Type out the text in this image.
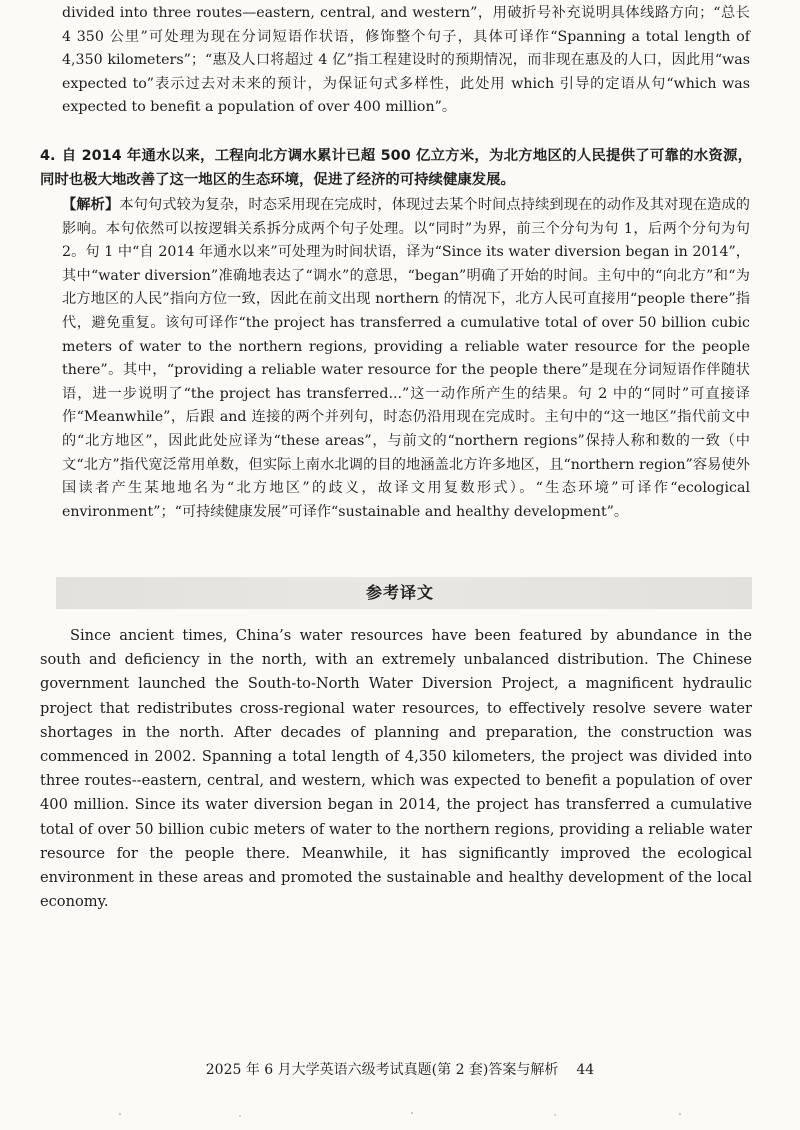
divided into three routes—eastern, central, and western”，用破折号补充说明具体线路方向；“总长 4 350 公里”可处理为现在分词短语作状语，修饰整个句子，具体可译作“Spanning a total length of 4,350 kilometers”；“惠及人口将超过 4 亿”指工程建设时的预期情况，而非现在惠及的人口，因此用“was expected to”表示过去对未来的预计，为保证句式多样性，此处用 which 引导的定语从句“which was expected to benefit a population of over 400 million”。

4. 自 2014 年通水以来，工程向北方调水累计已超 500 亿立方米，为北方地区的人民提供了可靠的水资源，同时也极大地改善了这一地区的生态环境，促进了经济的可持续健康发展。

【解析】本句句式较为复杂，时态采用现在完成时，体现过去某个时间点持续到现在的动作及其对现在造成的影响。本句依然可以按逻辑关系拆分成两个句子处理。以“同时”为界，前三个分句为句 1，后两个分句为句 2。句 1 中“自 2014 年通水以来”可处理为时间状语，译为“Since its water diversion began in 2014”，其中“water diversion”准确地表达了“调水”的意思，“began”明确了开始的时间。主句中的“向北方”和“为北方地区的人民”指向方位一致，因此在前文出现 northern 的情况下，北方人民可直接用“people there”指代，避免重复。该句可译作“the project has transferred a cumulative total of over 50 billion cubic meters of water to the northern regions, providing a reliable water resource for the people there”。其中，“providing a reliable water resource for the people there”是现在分词短语作伴随状语，进一步说明了“the project has transferred...”这一动作所产生的结果。句 2 中的“同时”可直接译作“Meanwhile”，后跟 and 连接的两个并列句，时态仍沿用现在完成时。主句中的“这一地区”指代前文中的“北方地区”，因此此处应译为“these areas”，与前文的“northern regions”保持人称和数的一致（中文“北方”指代宽泛常用单数，但实际上南水北调的目的地涵盖北方许多地区，且“northern region”容易使外国读者产生某地地名为“北方地区”的歧义，故译文用复数形式）。“生态环境”可译作“ecological environment”；“可持续健康发展”可译作“sustainable and healthy development”。

参考译文

Since ancient times, China’s water resources have been featured by abundance in the south and deficiency in the north, with an extremely unbalanced distribution. The Chinese government launched the South-to-North Water Diversion Project, a magnificent hydraulic project that redistributes cross-regional water resources, to effectively resolve severe water shortages in the north. After decades of planning and preparation, the construction was commenced in 2002. Spanning a total length of 4,350 kilometers, the project was divided into three routes--eastern, central, and western, which was expected to benefit a population of over 400 million. Since its water diversion began in 2014, the project has transferred a cumulative total of over 50 billion cubic meters of water to the northern regions, providing a reliable water resource for the people there. Meanwhile, it has significantly improved the ecological environment in these areas and promoted the sustainable and healthy development of the local economy.

2025 年 6 月大学英语六级考试真题(第 2 套)答案与解析 44
